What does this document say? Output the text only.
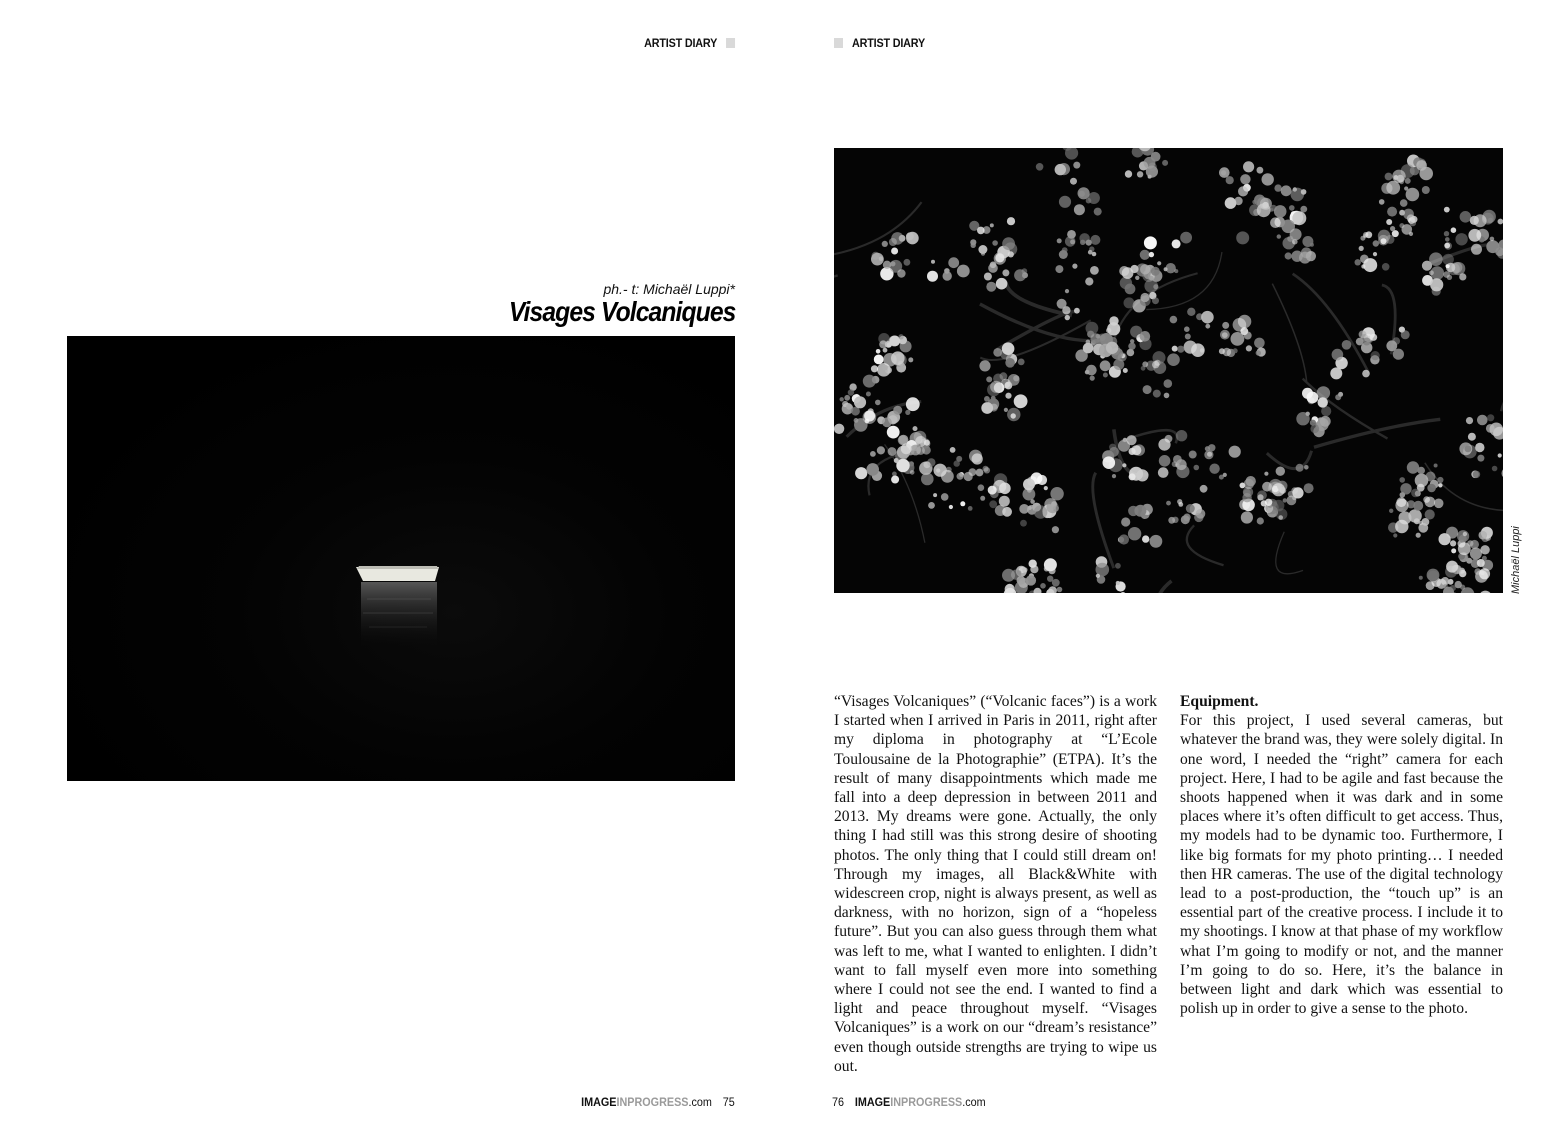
ARTIST DIARY
ph.- t: Michaël Luppi*
Visages Volcaniques
IMAGEINPROGRESS.com 75
ARTIST DIARY
Michaël Luppi
“Visages Volcaniques” (“Volcanic faces”) is a work I started when I arrived in Paris in 2011, right after my diploma in photography at “L’Ecole Toulousaine de la Photographie” (ETPA). It’s the result of many disappointments which made me fall into a deep depression in between 2011 and 2013. My dreams were gone. Actually, the only thing I had still was this strong desire of shooting photos. The only thing that I could still dream on! Through my images, all Black&White with widescreen crop, night is always present, as well as darkness, with no horizon, sign of a “hopeless future”. But you can also guess through them what was left to me, what I wanted to enlighten. I didn’t want to fall myself even more into something where I could not see the end. I wanted to find a light and peace throughout myself. “Visages Volcaniques” is a work on our “dream’s resistance” even though outside strengths are trying to wipe us out.
Equipment.
For this project, I used several cameras, but whatever the brand was, they were solely digital. In one word, I needed the “right” camera for each project. Here, I had to be agile and fast because the shoots happened when it was dark and in some places where it’s often difficult to get access. Thus, my models had to be dynamic too. Furthermore, I like big formats for my photo printing… I needed then HR cameras. The use of the digital technology lead to a post-production, the “touch up” is an essential part of the creative process. I include it to my shootings. I know at that phase of my workflow what I’m going to modify or not, and the manner I’m going to do so. Here, it’s the balance in between light and dark which was essential to polish up in order to give a sense to the photo.
76 IMAGEINPROGRESS.com
